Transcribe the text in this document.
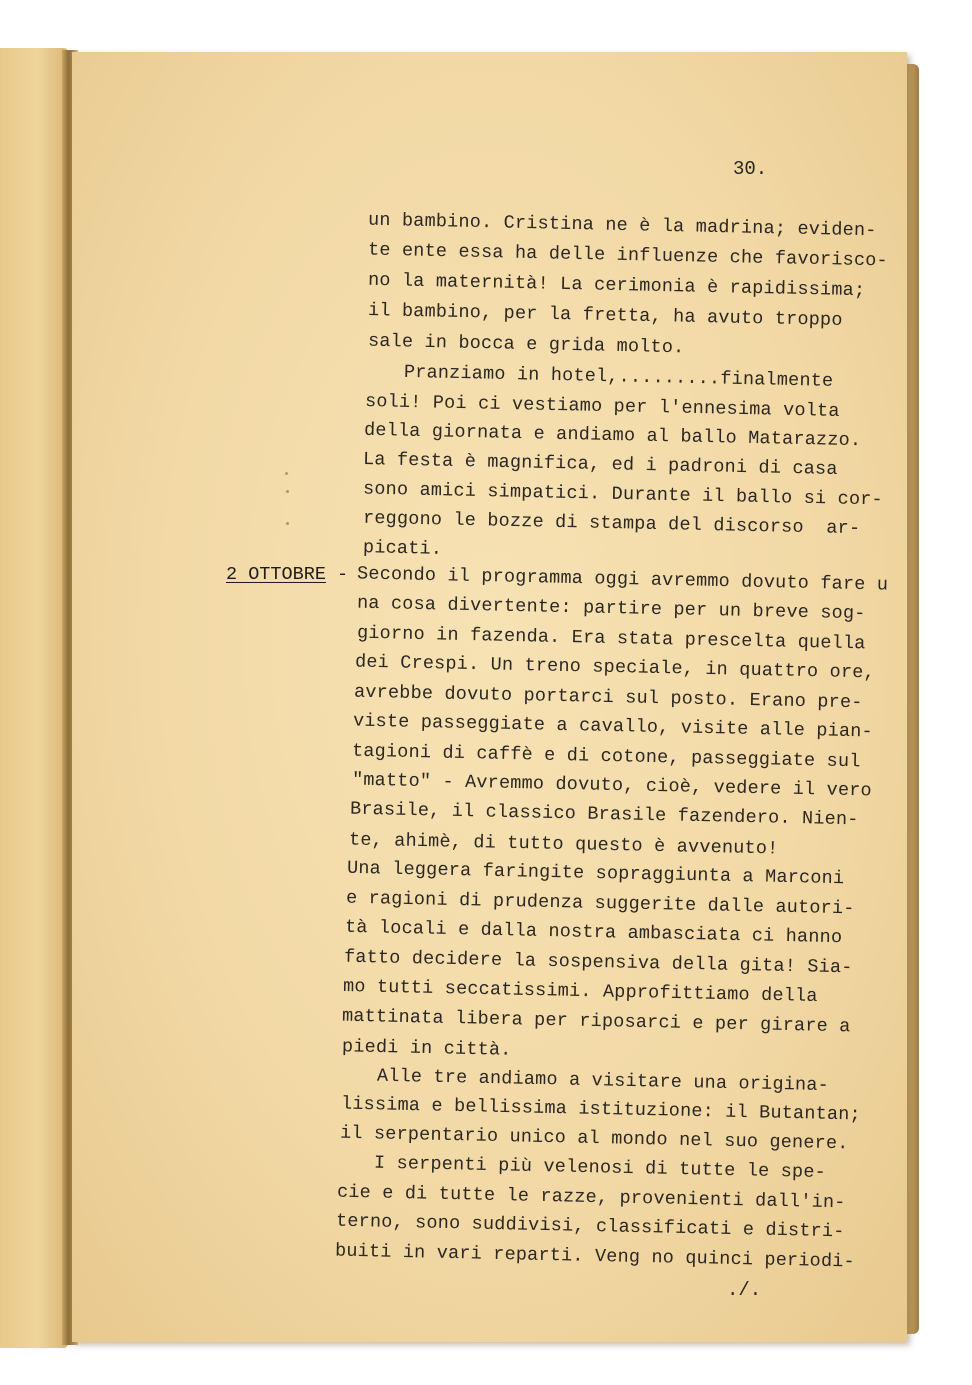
30.
2 OTTOBRE -
un bambino. Cristina ne è la madrina; eviden-
te ente essa ha delle influenze che favorisco-
no la maternità! La cerimonia è rapidissima;
il bambino, per la fretta, ha avuto troppo
sale in bocca e grida molto.
Pranziamo in hotel,.........finalmente
soli! Poi ci vestiamo per l'ennesima volta
della giornata e andiamo al ballo Matarazzo.
La festa è magnifica, ed i padroni di casa
sono amici simpatici. Durante il ballo si cor-
reggono le bozze di stampa del discorso  ar-
picati.
Secondo il programma oggi avremmo dovuto fare u
na cosa divertente: partire per un breve sog-
giorno in fazenda. Era stata prescelta quella
dei Crespi. Un treno speciale, in quattro ore,
avrebbe dovuto portarci sul posto. Erano pre-
viste passeggiate a cavallo, visite alle pian-
tagioni di caffè e di cotone, passeggiate sul
"matto" - Avremmo dovuto, cioè, vedere il vero
Brasile, il classico Brasile fazendero. Nien-
te, ahimè, di tutto questo è avvenuto!
Una leggera faringite sopraggiunta a Marconi
e ragioni di prudenza suggerite dalle autori-
tà locali e dalla nostra ambasciata ci hanno
fatto decidere la sospensiva della gita! Sia-
mo tutti seccatissimi. Approfittiamo della
mattinata libera per riposarci e per girare a
piedi in città.
Alle tre andiamo a visitare una origina-
lissima e bellissima istituzione: il Butantan;
il serpentario unico al mondo nel suo genere.
I serpenti più velenosi di tutte le spe-
cie e di tutte le razze, provenienti dall'in-
terno, sono suddivisi, classificati e distri-
buiti in vari reparti. Veng no quinci periodi-
./.
